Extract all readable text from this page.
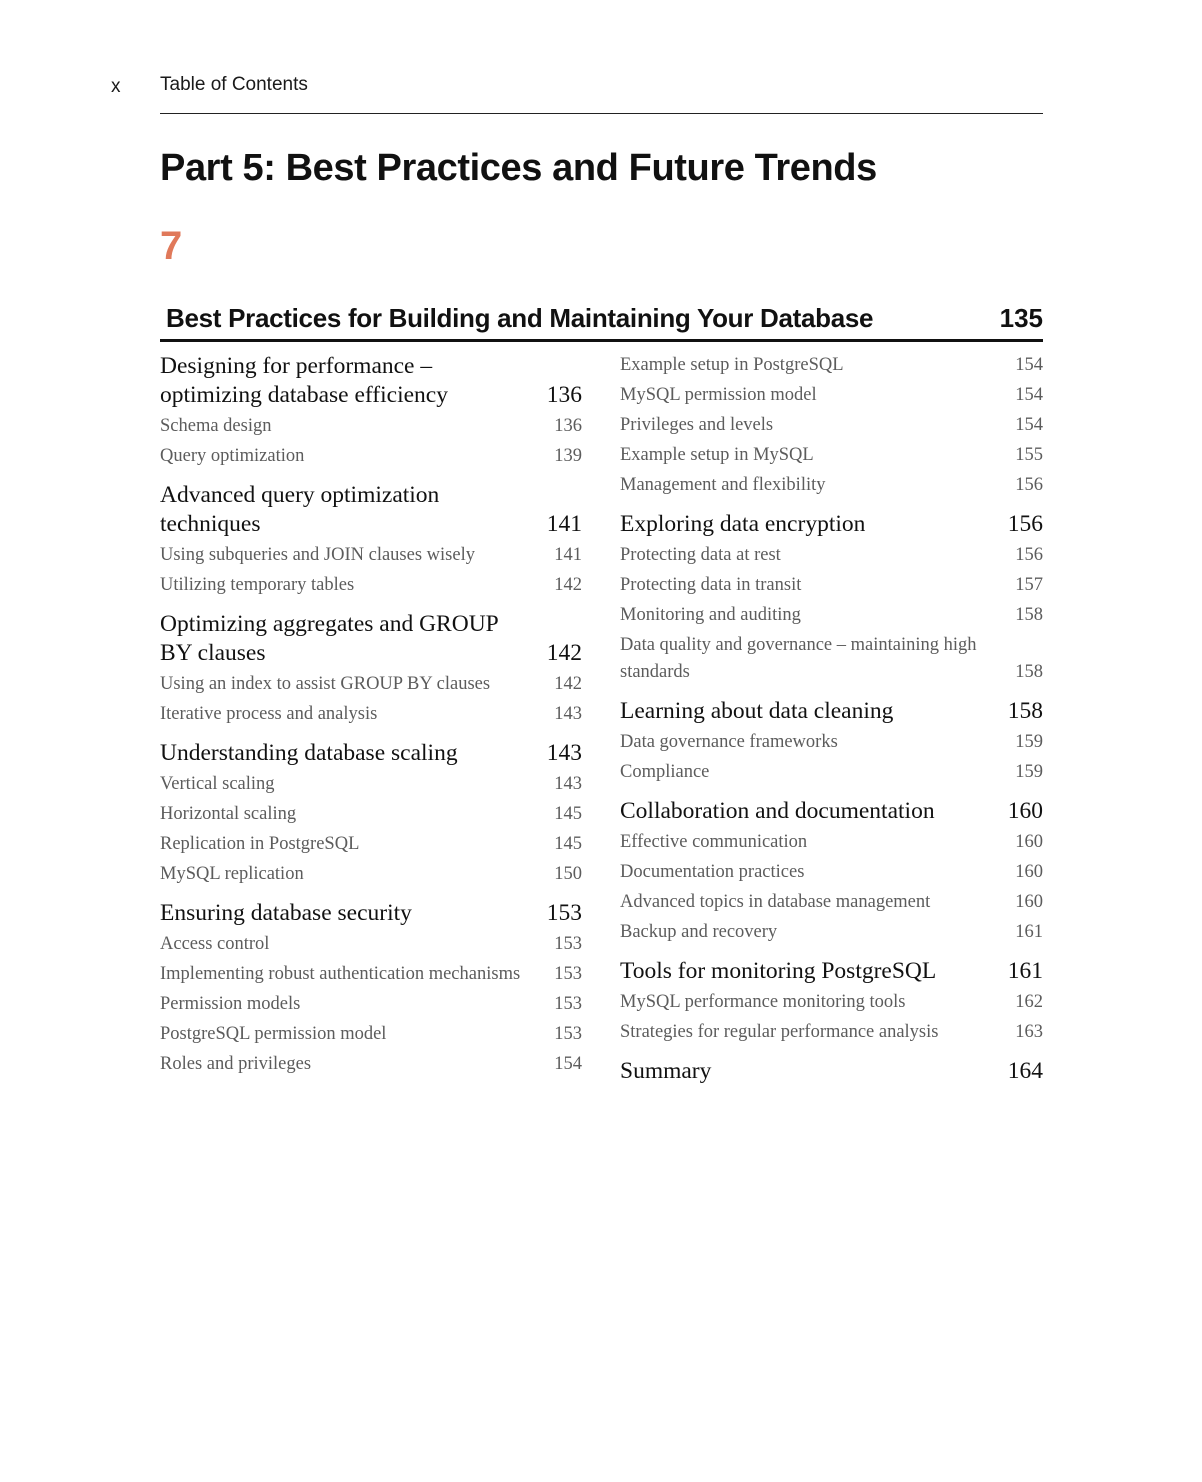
x Table of Contents
Part 5: Best Practices and Future Trends
7
Best Practices for Building and Maintaining Your Database	135
Designing for performance – optimizing database efficiency	136
Schema design	136
Query optimization	139
Advanced query optimization techniques	141
Using subqueries and JOIN clauses wisely	141
Utilizing temporary tables	142
Optimizing aggregates and GROUP BY clauses	142
Using an index to assist GROUP BY clauses	142
Iterative process and analysis	143
Understanding database scaling	143
Vertical scaling	143
Horizontal scaling	145
Replication in PostgreSQL	145
MySQL replication	150
Ensuring database security	153
Access control	153
Implementing robust authentication mechanisms	153
Permission models	153
PostgreSQL permission model	153
Roles and privileges	154
Example setup in PostgreSQL	154
MySQL permission model	154
Privileges and levels	154
Example setup in MySQL	155
Management and flexibility	156
Exploring data encryption	156
Protecting data at rest	156
Protecting data in transit	157
Monitoring and auditing	158
Data quality and governance – maintaining high standards	158
Learning about data cleaning	158
Data governance frameworks	159
Compliance	159
Collaboration and documentation	160
Effective communication	160
Documentation practices	160
Advanced topics in database management	160
Backup and recovery	161
Tools for monitoring PostgreSQL	161
MySQL performance monitoring tools	162
Strategies for regular performance analysis	163
Summary	164
